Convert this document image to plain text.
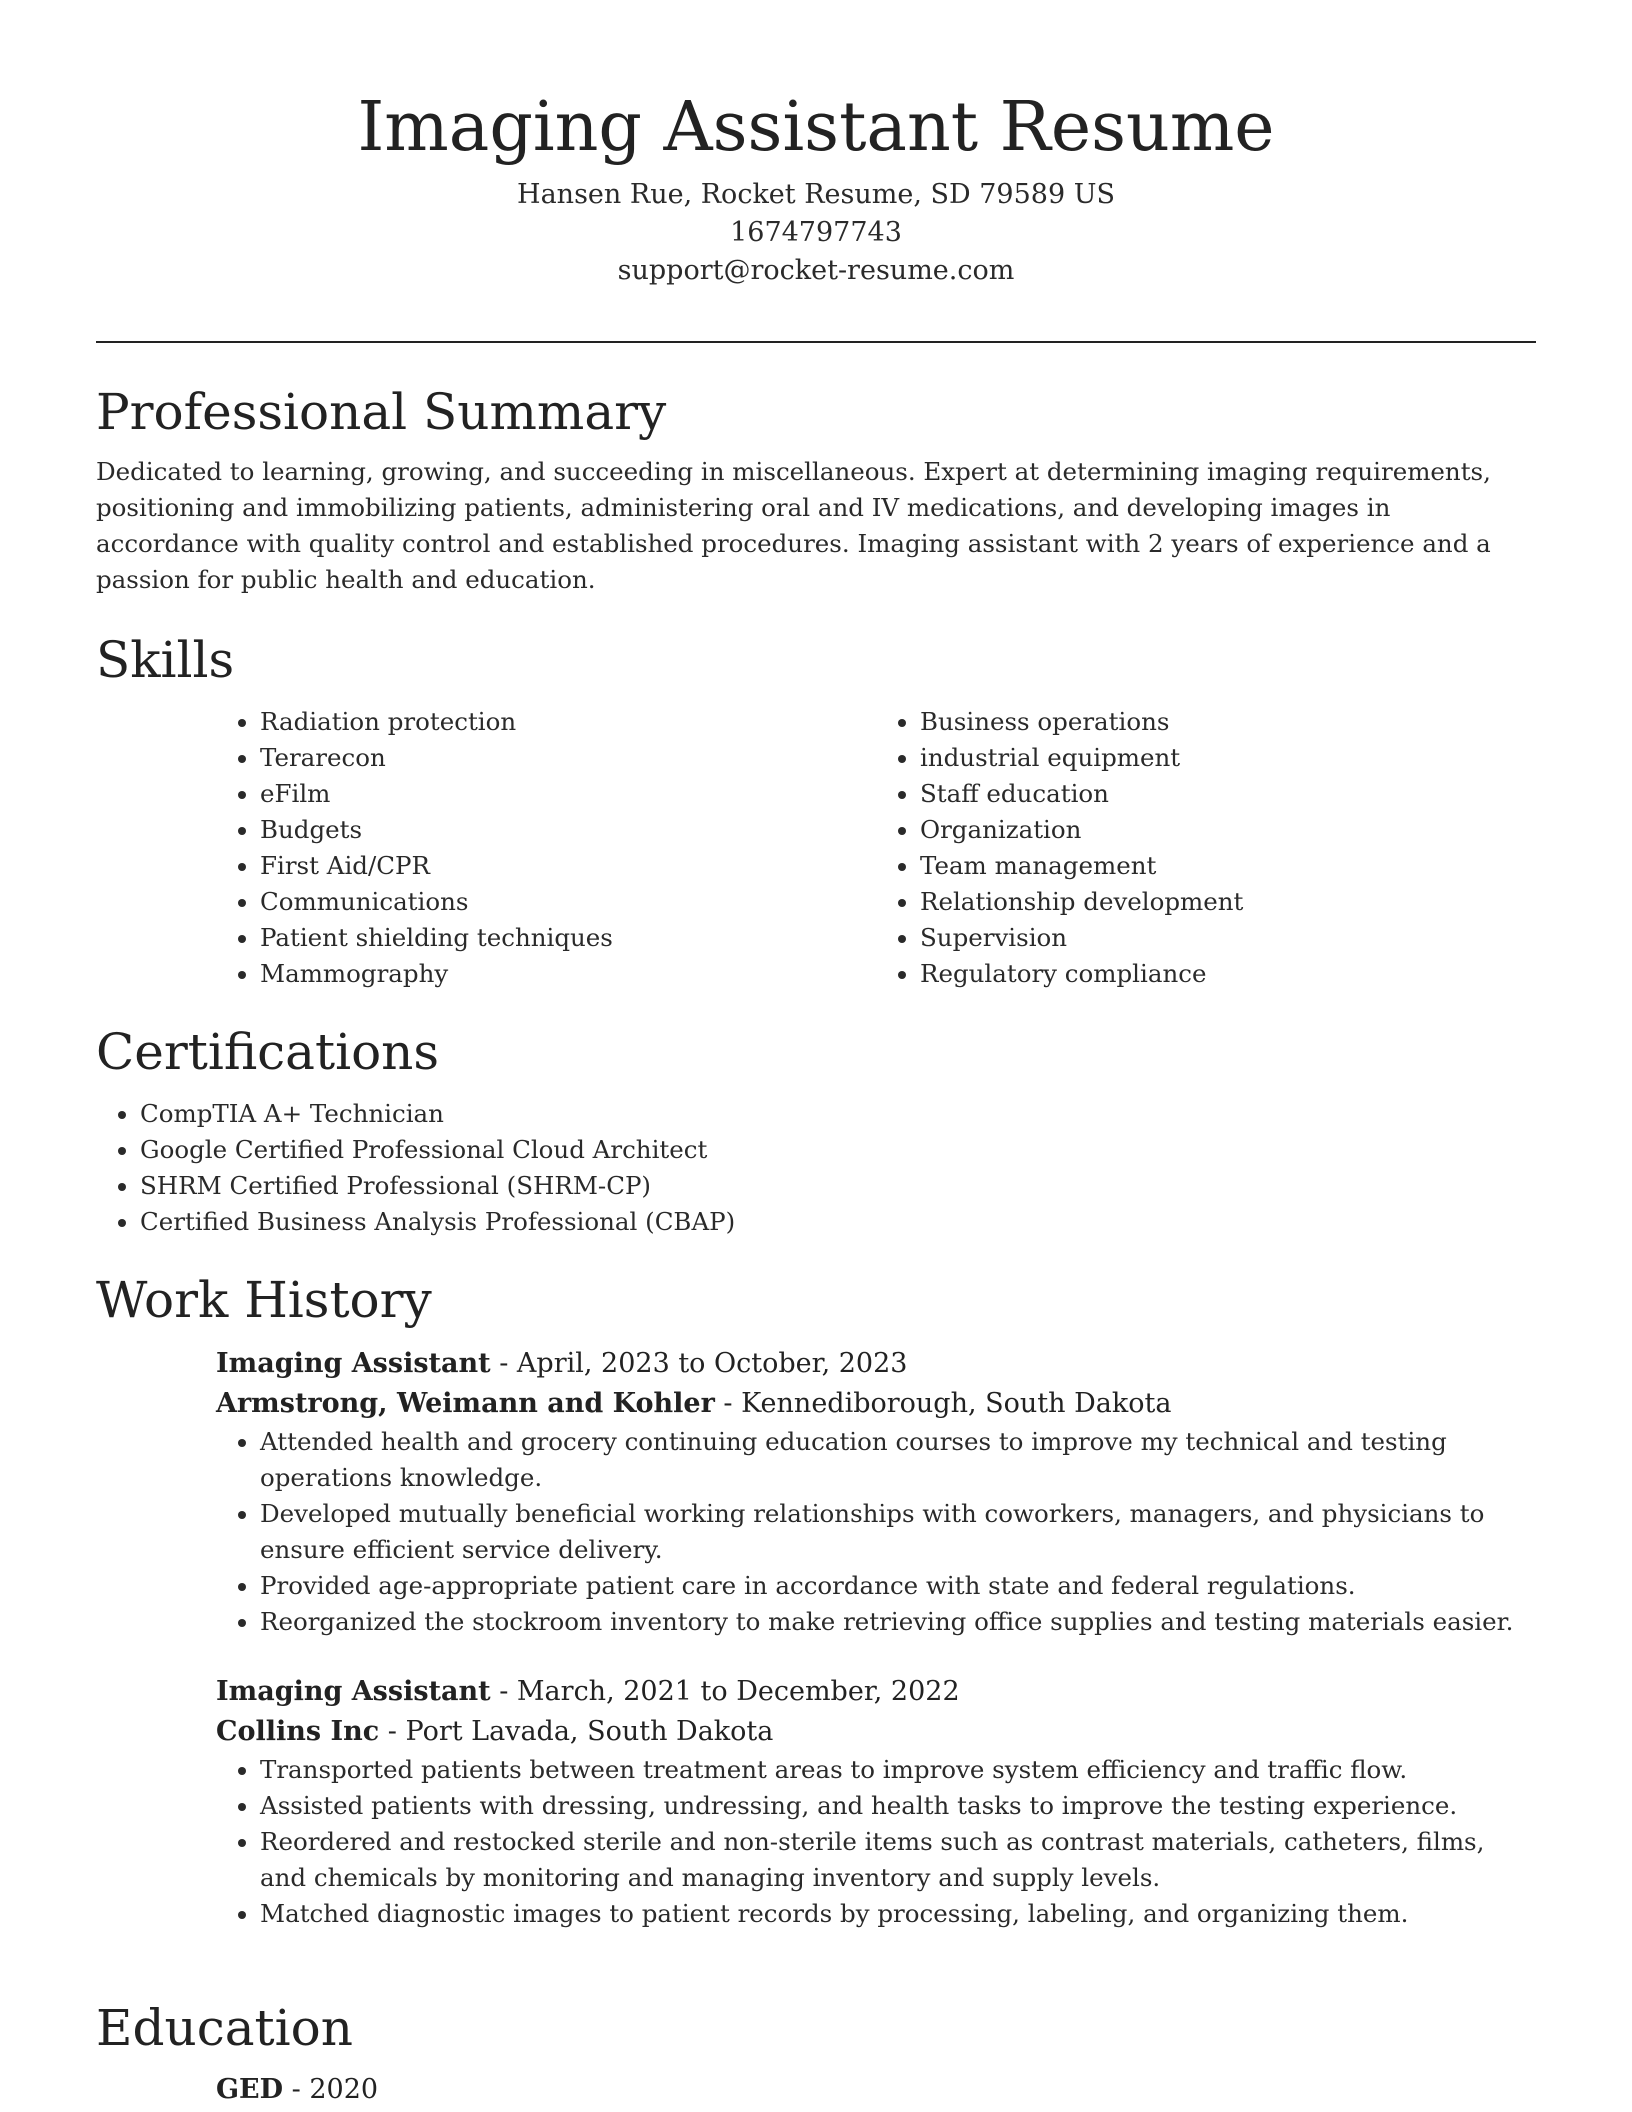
Imaging Assistant Resume
Hansen Rue, Rocket Resume, SD 79589 US
1674797743
support@rocket-resume.com
Professional Summary

Dedicated to learning, growing, and succeeding in miscellaneous. Expert at determining imaging requirements, positioning and immobilizing patients, administering oral and IV medications, and developing images in accordance with quality control and established procedures. Imaging assistant with 2 years of experience and a passion for public health and education.

Skills
• Radiation protection
• Terarecon
• eFilm
• Budgets
• First Aid/CPR
• Communications
• Patient shielding techniques
• Mammography
• Business operations
• industrial equipment
• Staff education
• Organization
• Team management
• Relationship development
• Supervision
• Regulatory compliance
Certifications
• CompTIA A+ Technician
• Google Certified Professional Cloud Architect
• SHRM Certified Professional (SHRM-CP)
• Certified Business Analysis Professional (CBAP)
Work History
Imaging Assistant - April, 2023 to October, 2023
Armstrong, Weimann and Kohler - Kennediborough, South Dakota
• Attended health and grocery continuing education courses to improve my technical and testing operations knowledge.
• Developed mutually beneficial working relationships with coworkers, managers, and physicians to ensure efficient service delivery.
• Provided age-appropriate patient care in accordance with state and federal regulations.
• Reorganized the stockroom inventory to make retrieving office supplies and testing materials easier.
Imaging Assistant - March, 2021 to December, 2022
Collins Inc - Port Lavada, South Dakota
• Transported patients between treatment areas to improve system efficiency and traffic flow.
• Assisted patients with dressing, undressing, and health tasks to improve the testing experience.
• Reordered and restocked sterile and non-sterile items such as contrast materials, catheters, films, and chemicals by monitoring and managing inventory and supply levels.
• Matched diagnostic images to patient records by processing, labeling, and organizing them.
Education
GED - 2020
